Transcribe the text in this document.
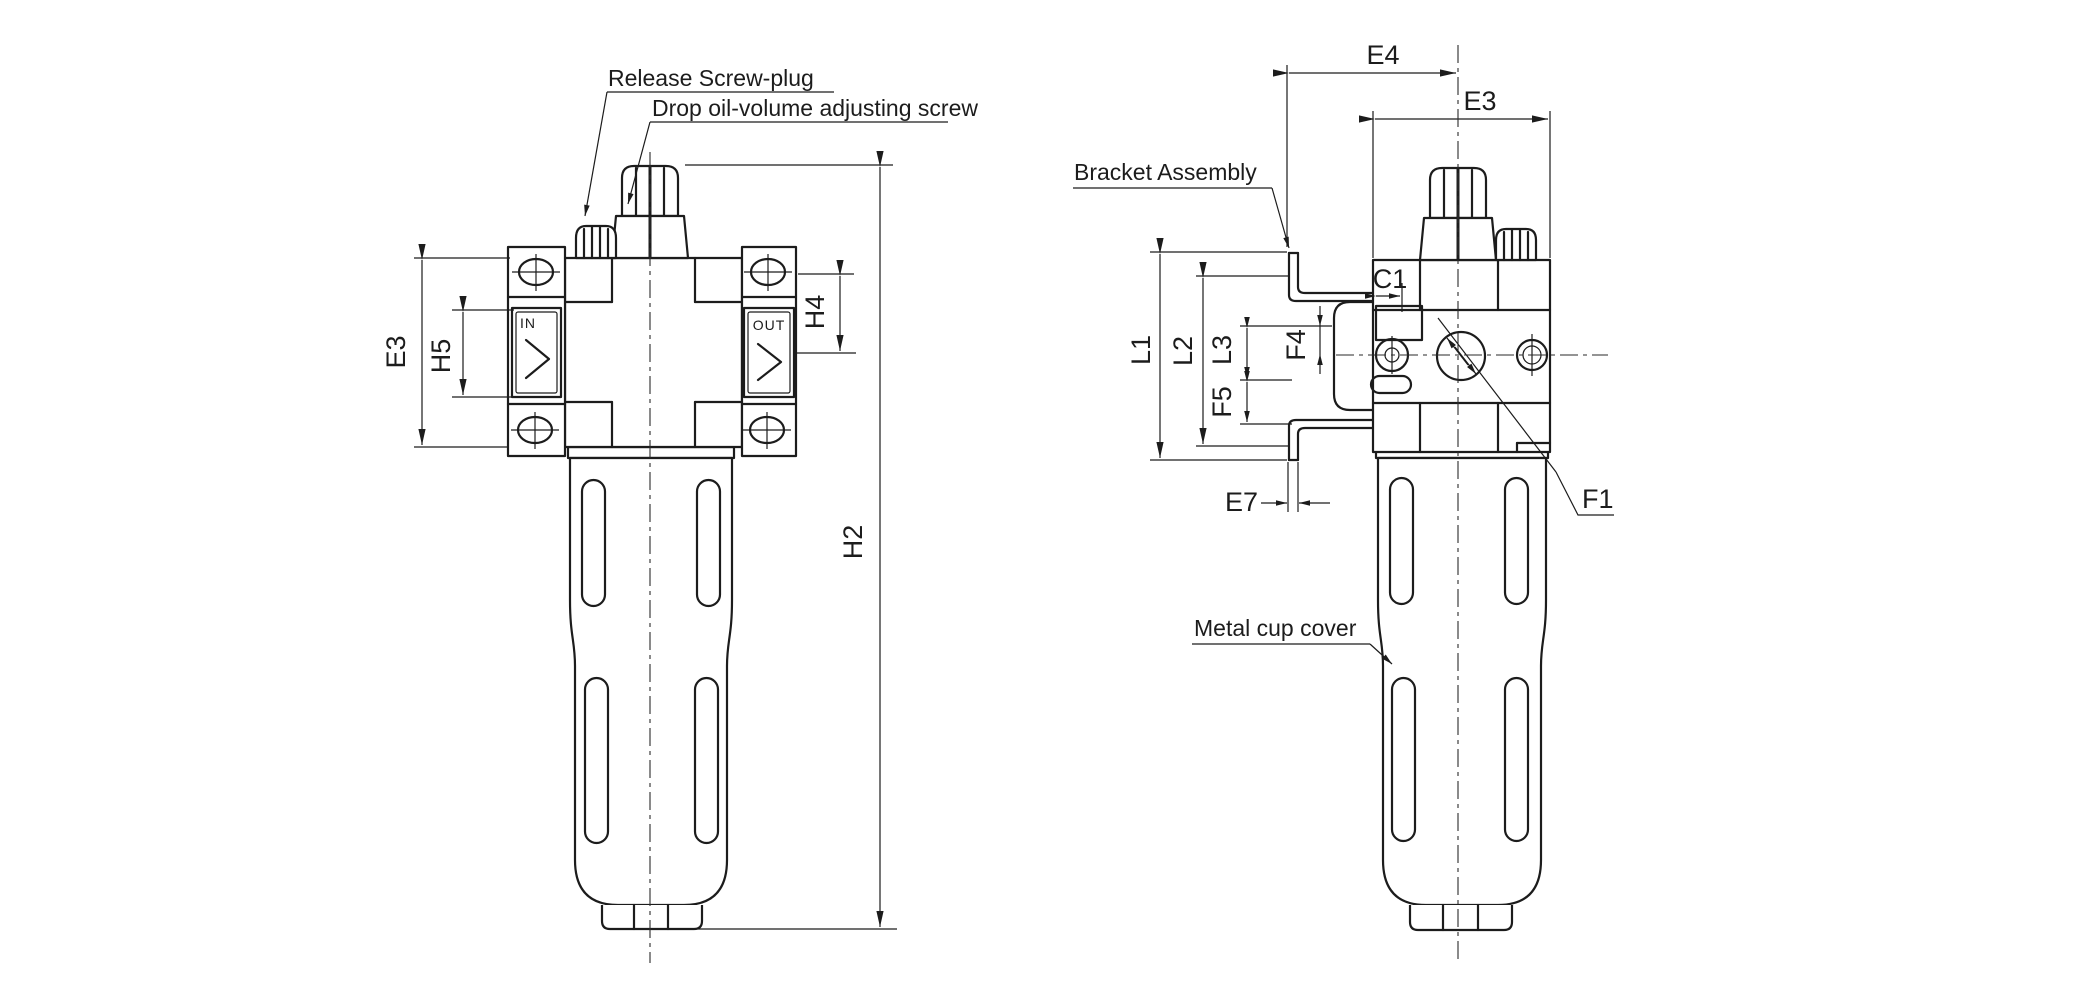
IN	OUT
E3 H5
H4
H2
Release Screw-plug
Drop oil-volume adjusting screw
E4
E3
C1
L1 L2 L3
F5
F4
E7	F1
Bracket Assembly
Metal cup cover
